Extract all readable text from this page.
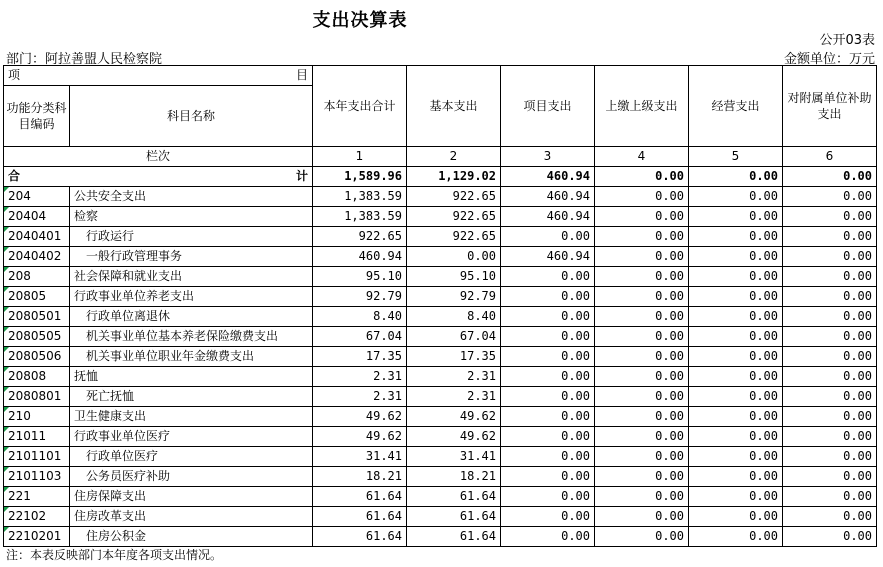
支出决算表
公开03表
部门：阿拉善盟人民检察院	金额单位：万元
项 目		本年支出合计	基本支出	项目支出	上缴上级支出	经营支出	对附属单位补助支出
功能分类科目编码	科目名称						

栏次		1	2	3	4	5	6
合 计		1,589.96	1,129.02	460.94	0.00	0.00	0.00
204	公共安全支出	1,383.59	922.65	460.94	0.00	0.00	0.00
20404	检察	1,383.59	922.65	460.94	0.00	0.00	0.00
2040401	行政运行	922.65	922.65	0.00	0.00	0.00	0.00
2040402	一般行政管理事务	460.94	0.00	460.94	0.00	0.00	0.00
208	社会保障和就业支出	95.10	95.10	0.00	0.00	0.00	0.00
20805	行政事业单位养老支出	92.79	92.79	0.00	0.00	0.00	0.00
2080501	行政单位离退休	8.40	8.40	0.00	0.00	0.00	0.00
2080505	机关事业单位基本养老保险缴费支出	67.04	67.04	0.00	0.00	0.00	0.00
2080506	机关事业单位职业年金缴费支出	17.35	17.35	0.00	0.00	0.00	0.00
20808	抚恤	2.31	2.31	0.00	0.00	0.00	0.00
2080801	死亡抚恤	2.31	2.31	0.00	0.00	0.00	0.00
210	卫生健康支出	49.62	49.62	0.00	0.00	0.00	0.00
21011	行政事业单位医疗	49.62	49.62	0.00	0.00	0.00	0.00
2101101	行政单位医疗	31.41	31.41	0.00	0.00	0.00	0.00
2101103	公务员医疗补助	18.21	18.21	0.00	0.00	0.00	0.00
221	住房保障支出	61.64	61.64	0.00	0.00	0.00	0.00
22102	住房改革支出	61.64	61.64	0.00	0.00	0.00	0.00
2210201	住房公积金	61.64	61.64	0.00	0.00	0.00	0.00
注：本表反映部门本年度各项支出情况。
